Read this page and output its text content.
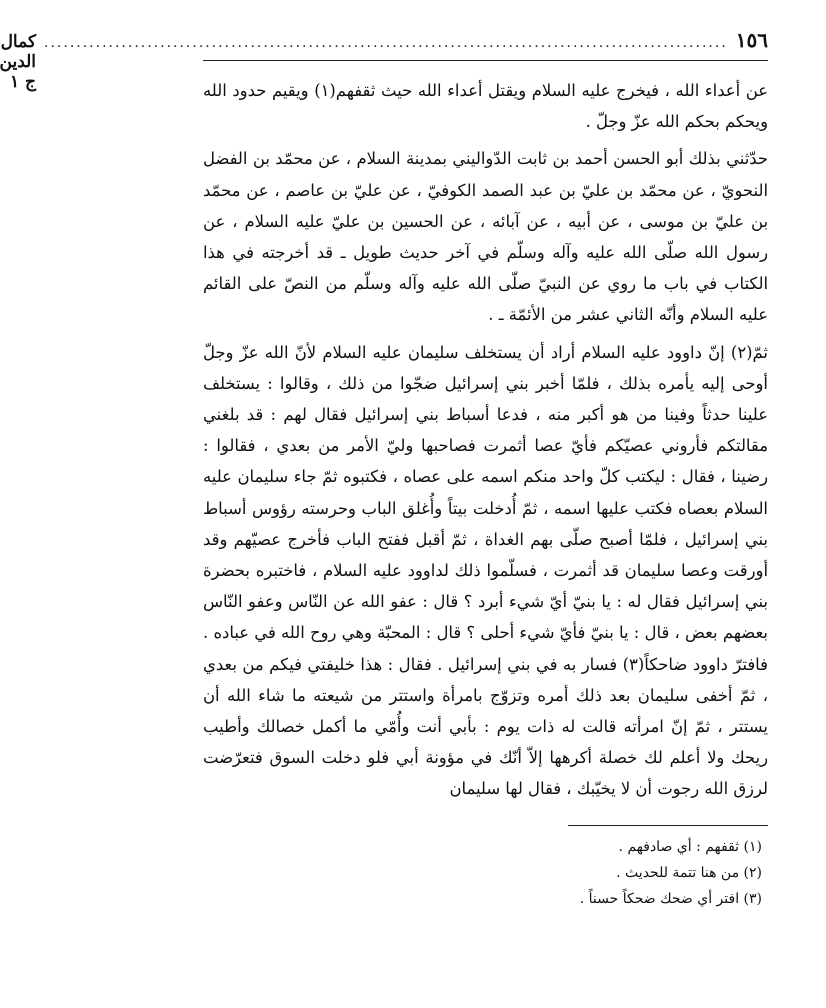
١٥٦
..........................................................................................................
كمال الدين ج ١	عن أعداء الله ، فيخرج عليه السلام ويقتل أعداء الله حيث ثقفهم(١) ويقيم حدود الله ويحكم بحكم الله عزّ وجلّ .

حدّثني بذلك أبو الحسن أحمد بن ثابت الدّواليني بمدينة السلام ، عن محمّد بن الفضل النحويّ ، عن محمّد بن عليّ بن عبد الصمد الكوفيّ ، عن عليّ بن عاصم ، عن محمّد بن عليّ بن موسى ، عن أبيه ، عن آبائه ، عن الحسين بن عليّ عليه السلام ، عن رسول الله صلّى الله عليه وآله وسلّم في آخر حديث طويل ـ قد أخرجته في هذا الكتاب في باب ما روي عن النبيّ صلّى الله عليه وآله وسلّم من النصّ على القائم عليه السلام وأنّه الثاني عشر من الأئمّة ـ .

ثمّ(٢) إنّ داوود عليه السلام أراد أن يستخلف سليمان عليه السلام لأنّ الله عزّ وجلّ أوحى إليه يأمره بذلك ، فلمّا أخبر بني إسرائيل ضجّوا من ذلك ، وقالوا : يستخلف علينا حدثاً وفينا من هو أكبر منه ، فدعا أسباط بني إسرائيل فقال لهم : قد بلغني مقالتكم فأروني عصيّكم فأيّ عصا أثمرت فصاحبها وليّ الأمر من بعدي ، فقالوا : رضينا ، فقال : ليكتب كلّ واحد منكم اسمه على عصاه ، فكتبوه ثمّ جاء سليمان عليه السلام بعصاه فكتب عليها اسمه ، ثمّ أُدخلت بيتاً وأُغلق الباب وحرسته رؤوس أسباط بني إسرائيل ، فلمّا أصبح صلّى بهم الغداة ، ثمّ أقبل ففتح الباب فأخرج عصيّهم وقد أورقت وعصا سليمان قد أثمرت ، فسلّموا ذلك لداوود عليه السلام ، فاختبره بحضرة بني إسرائيل فقال له : يا بنيّ أيّ شيء أبرد ؟ قال : عفو الله عن النّاس وعفو النّاس بعضهم بعض ، قال : يا بنيّ فأيّ شيء أحلى ؟ قال : المحبّة وهي روح الله في عباده . فافترّ داوود ضاحكاً(٣) فسار به في بني إسرائيل . فقال : هذا خليفتي فيكم من بعدي ، ثمّ أخفى سليمان بعد ذلك أمره وتزوّج بامرأة واستتر من شيعته ما شاء الله أن يستتر ، ثمّ إنّ امرأته قالت له ذات يوم : بأبي أنت وأُمّي ما أكمل خصالك وأطيب ريحك ولا أعلم لك خصلة أكرهها إلاّ أنّك في مؤونة أبي فلو دخلت السوق فتعرّضت لرزق الله رجوت أن لا يخيّبك ، فقال لها سليمان

(١) ثقفهم : أي صادفهم .
(٢) من هنا تتمة للحديث .
(٣) افتر أي ضحك ضحكاً حسناً .
